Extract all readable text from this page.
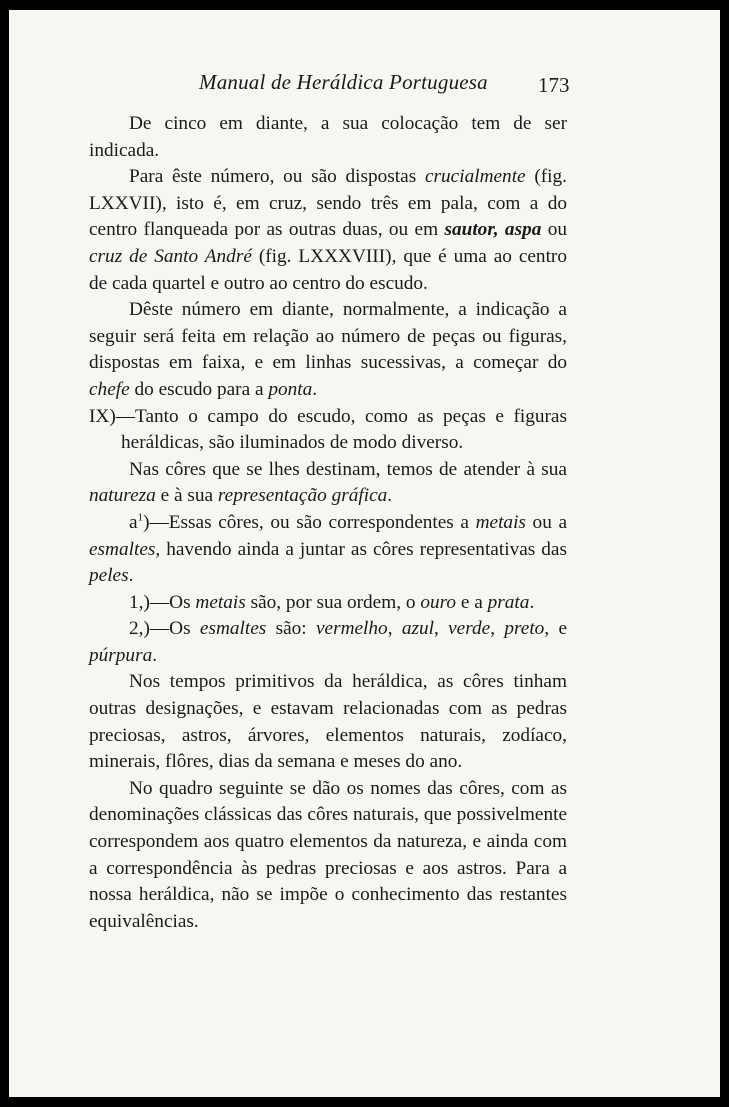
Manual de Heráldica Portuguesa 173

De cinco em diante, a sua colocação tem de ser indicada.

Para êste número, ou são dispostas crucialmente (fig. LXXVII), isto é, em cruz, sendo três em pala, com a do centro flanqueada por as outras duas, ou em sautor, aspa ou cruz de Santo André (fig. LXXXVIII), que é uma ao centro de cada quartel e outro ao centro do escudo.

Dêste número em diante, normalmente, a indicação a seguir será feita em relação ao número de peças ou figuras, dispostas em faixa, e em linhas sucessivas, a começar do chefe do escudo para a ponta.

IX)—Tanto o campo do escudo, como as peças e figuras heráldicas, são iluminados de modo diverso.

Nas côres que se lhes destinam, temos de atender à sua natureza e à sua representação gráfica.

$a^1)—Essas$ côres, ou são correspondentes a metais ou a esmaltes, havendo ainda a juntar as côres representativas das peles.

1,)—Os metais são, por sua ordem, o ouro e a prata.

2,)—Os esmaltes são: vermelho, azul, verde, preto, e púrpura.

Nos tempos primitivos da heráldica, as côres tinham outras designações, e estavam relacionadas com as pedras preciosas, astros, árvores, elementos naturais, zodíaco, minerais, flôres, dias da semana e meses do ano.

No quadro seguinte se dão os nomes das côres, com as denominações clássicas das côres naturais, que possivelmente correspondem aos quatro elementos da natureza, e ainda com a correspondência às pedras preciosas e aos astros. Para a nossa heráldica, não se impõe o conhecimento das restantes equivalências.
